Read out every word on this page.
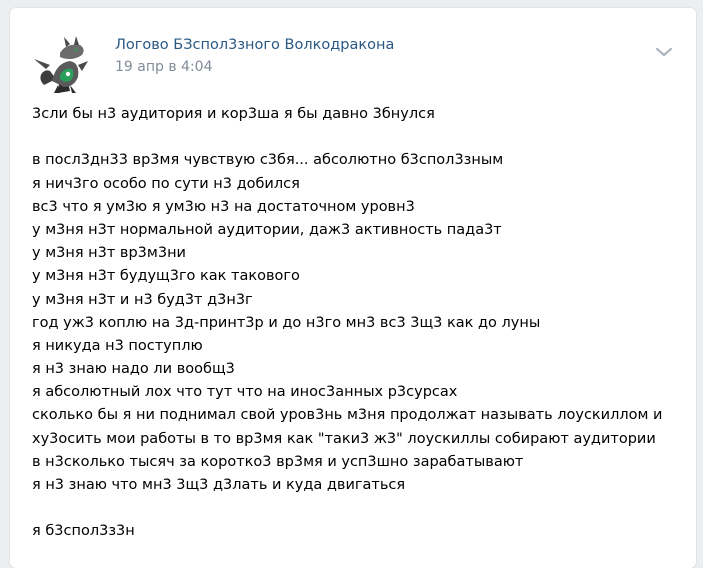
Логово БЗспол3зного Волкодракона
19 апр в 4:04
3сли бы н3 аудитория и кор3ша я бы давно 3бнулся
в посл3дн33 вр3мя чувствую с3бя... абсолютно б3спол3зным
я нич3го особо по сути н3 добился
вс3 что я ум3ю я ум3ю н3 на достаточном уровн3
у м3ня н3т нормальной аудитории, даж3 активность пада3т
у м3ня н3т вр3м3ни
у м3ня н3т будущ3го как такового
у м3ня н3т и н3 буд3т д3н3г
год уж3 коплю на 3д-принт3р и до н3го мн3 вс3 3щ3 как до луны
я никуда н3 поступлю
я н3 знаю надо ли вообщ3
я абсолютный лох что тут что на инос3анных р3сурсах
сколько бы я ни поднимал свой уров3нь м3ня продолжат называть лоускиллом и
ху3осить мои работы в то вр3мя как "таки3 ж3" лоускиллы собирают аудитории
в н3сколько тысяч за коротко3 вр3мя и усп3шно зарабатывают
я н3 знаю что мн3 3щ3 д3лать и куда двигаться
я б3спол3з3н
